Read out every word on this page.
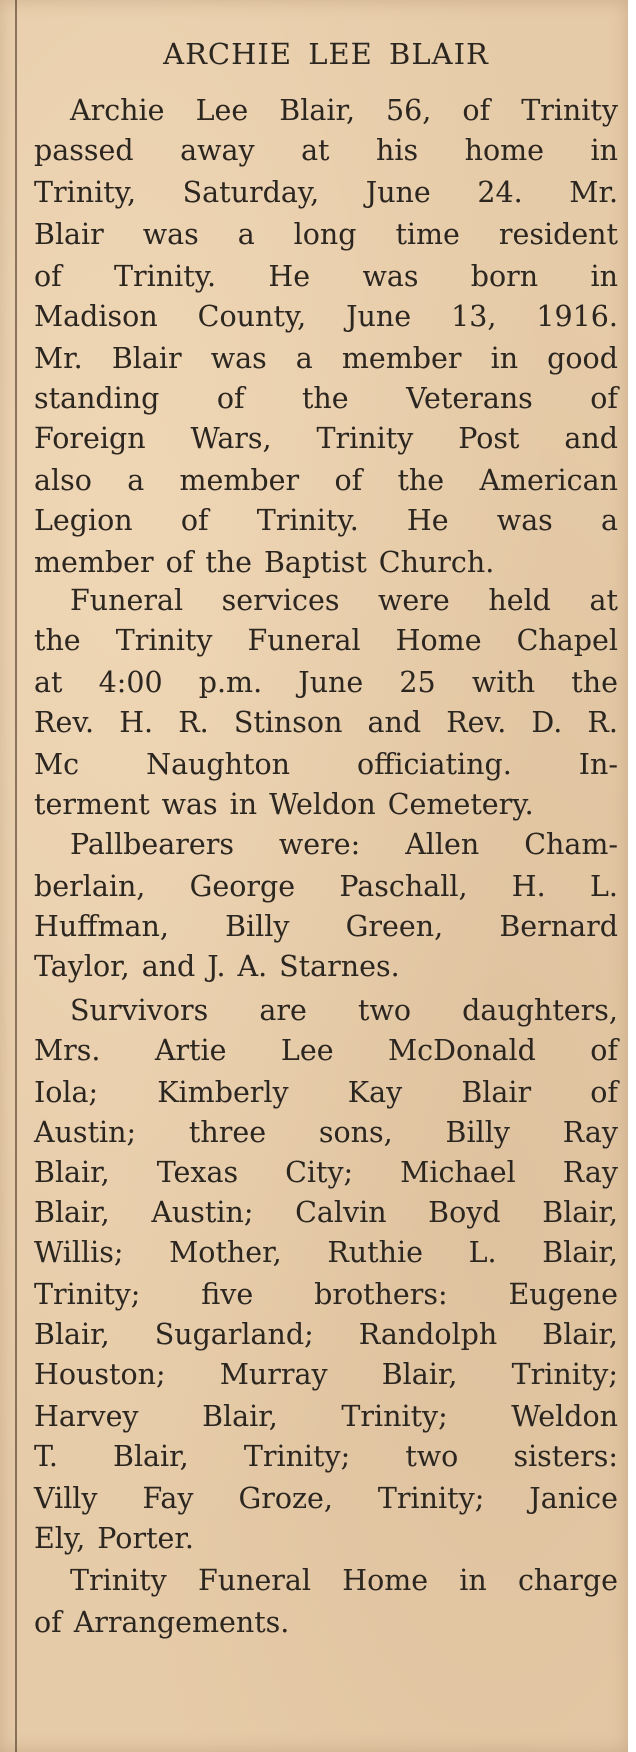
ARCHIE LEE BLAIR
Archie Lee Blair, 56, of Trinity
passed away at his home in
Trinity, Saturday, June 24. Mr.
Blair was a long time resident
of Trinity. He was born in
Madison County, June 13, 1916.
Mr. Blair was a member in good
standing of the Veterans of
Foreign Wars, Trinity Post and
also a member of the American
Legion of Trinity. He was a
member of the Baptist Church.
Funeral services were held at
the Trinity Funeral Home Chapel
at 4:00 p.m. June 25 with the
Rev. H. R. Stinson and Rev. D. R.
Mc Naughton officiating. In-
terment was in Weldon Cemetery.
Pallbearers were: Allen Cham-
berlain, George Paschall, H. L.
Huffman, Billy Green, Bernard
Taylor, and J. A. Starnes.
Survivors are two daughters,
Mrs. Artie Lee McDonald of
Iola; Kimberly Kay Blair of
Austin; three sons, Billy Ray
Blair, Texas City; Michael Ray
Blair, Austin; Calvin Boyd Blair,
Willis; Mother, Ruthie L. Blair,
Trinity; five brothers: Eugene
Blair, Sugarland; Randolph Blair,
Houston; Murray Blair, Trinity;
Harvey Blair, Trinity; Weldon
T. Blair, Trinity; two sisters:
Villy Fay Groze, Trinity; Janice
Ely, Porter.
Trinity Funeral Home in charge
of Arrangements.
